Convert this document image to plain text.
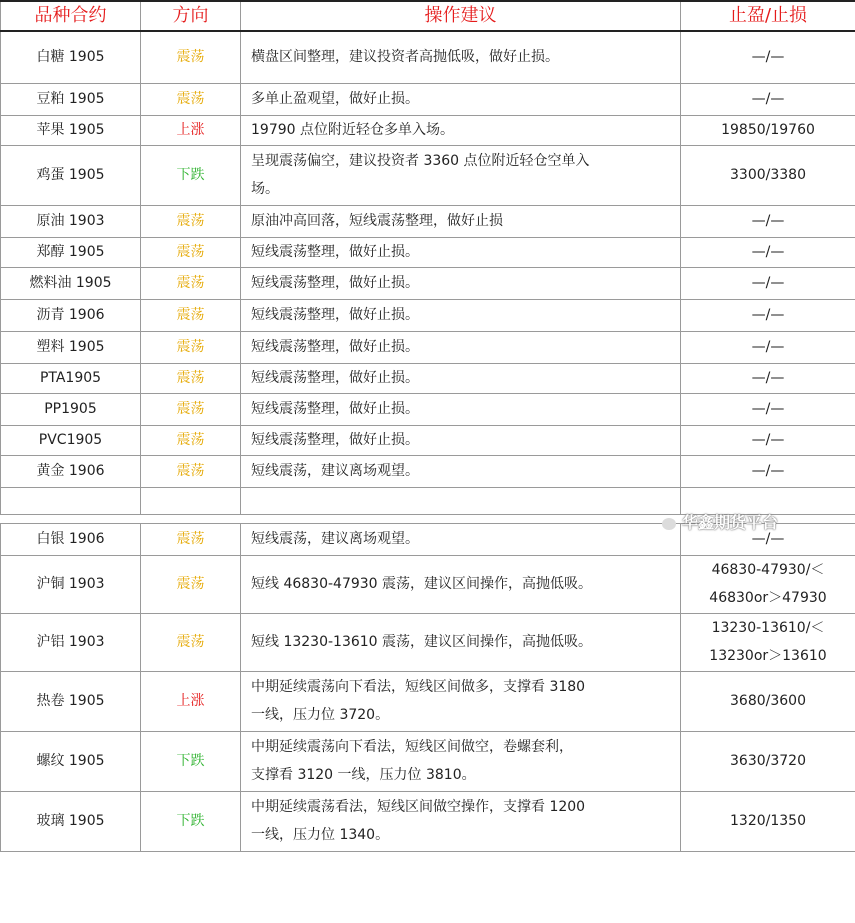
品种合约	方向	操作建议	止盈/止损
白糖 1905	震荡	横盘区间整理，建议投资者高抛低吸，做好止损。	—/—
豆粕 1905	震荡	多单止盈观望，做好止损。	—/—
苹果 1905	上涨	19790 点位附近轻仓多单入场。	19850/19760
鸡蛋 1905	下跌	呈现震荡偏空，建议投资者 3360 点位附近轻仓空单入
场。	3300/3380
原油 1903	震荡	原油冲高回落，短线震荡整理，做好止损	—/—
郑醇 1905	震荡	短线震荡整理，做好止损。	—/—
燃料油 1905	震荡	短线震荡整理，做好止损。	—/—
沥青 1906	震荡	短线震荡整理，做好止损。	—/—
塑料 1905	震荡	短线震荡整理，做好止损。	—/—
PTA1905	震荡	短线震荡整理，做好止损。	—/—
PP1905	震荡	短线震荡整理，做好止损。	—/—
PVC1905	震荡	短线震荡整理，做好止损。	—/—
黄金 1906	震荡	短线震荡，建议离场观望。	—/—

白银 1906	震荡	短线震荡，建议离场观望。	—/—
沪铜 1903	震荡	短线 46830-47930 震荡，建议区间操作，高抛低吸。	46830-47930/＜
46830or＞47930

沪铝 1903	震荡	短线 13230-13610 震荡，建议区间操作，高抛低吸。	13230-13610/＜
13230or＞13610

热卷 1905	上涨	中期延续震荡向下看法，短线区间做多，支撑看 3180
一线，压力位 3720。	3680/3600
螺纹 1905	下跌	中期延续震荡向下看法，短线区间做空，卷螺套利，
支撑看 3120 一线，压力位 3810。	3630/3720
玻璃 1905	下跌	中期延续震荡看法，短线区间做空操作，支撑看 1200
一线，压力位 1340。	1320/1350
华鑫期货平台
